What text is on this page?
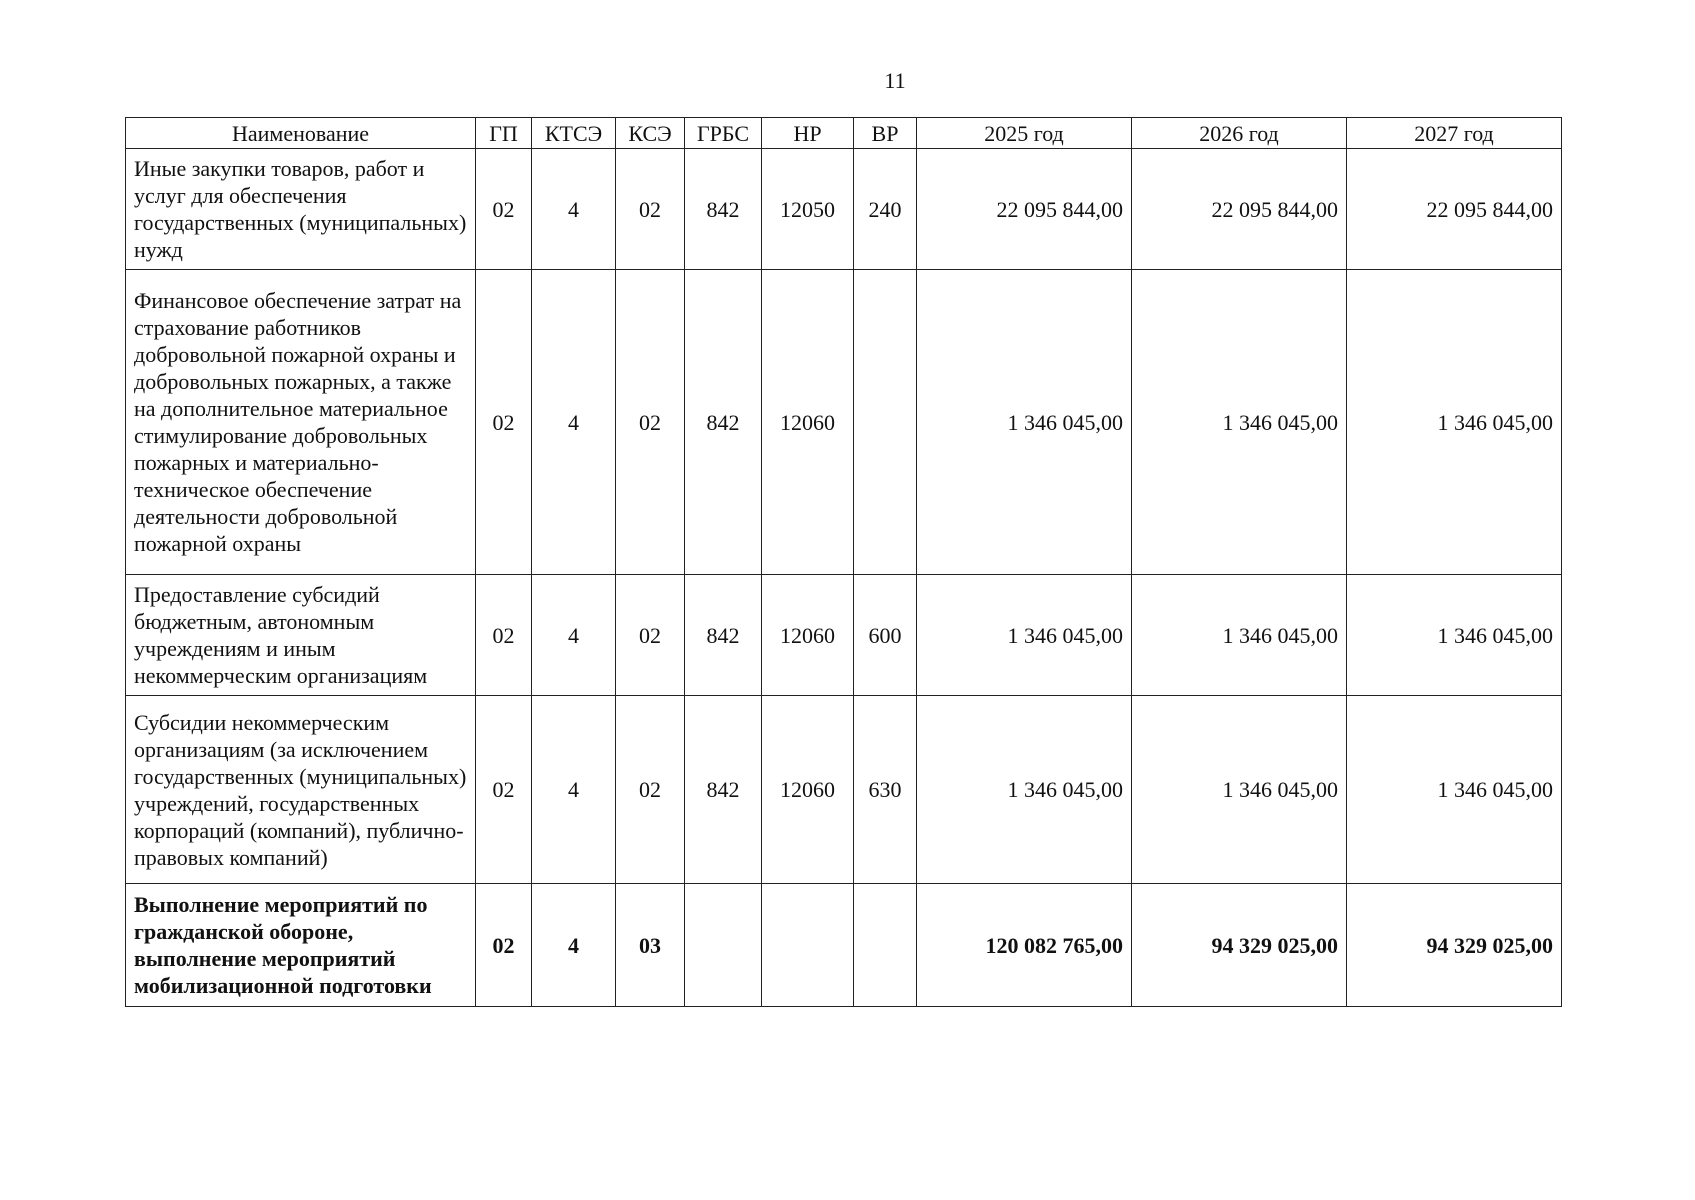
11
Наименование	ГП	КТСЭ	КСЭ	ГРБС	НР	ВР	2025 год	2026 год	2027 год
Иные закупки товаров, работ и услуг для обеспечения государственных (муниципальных) нужд	02	4	02	842	12050	240	22 095 844,00	22 095 844,00	22 095 844,00
Финансовое обеспечение затрат на страхование работников добровольной пожарной охраны и добровольных пожарных, а также на дополнительное материальное стимулирование добровольных пожарных и материально-техническое обеспечение деятельности добровольной пожарной охраны	02	4	02	842	12060		1 346 045,00	1 346 045,00	1 346 045,00
Предоставление субсидий бюджетным, автономным учреждениям и иным некоммерческим организациям	02	4	02	842	12060	600	1 346 045,00	1 346 045,00	1 346 045,00
Субсидии некоммерческим организациям (за исключением государственных (муниципальных) учреждений, государственных корпораций (компаний), публично-правовых компаний)	02	4	02	842	12060	630	1 346 045,00	1 346 045,00	1 346 045,00
Выполнение мероприятий по гражданской обороне, выполнение мероприятий мобилизационной подготовки	02	4	03				120 082 765,00	94 329 025,00	94 329 025,00
